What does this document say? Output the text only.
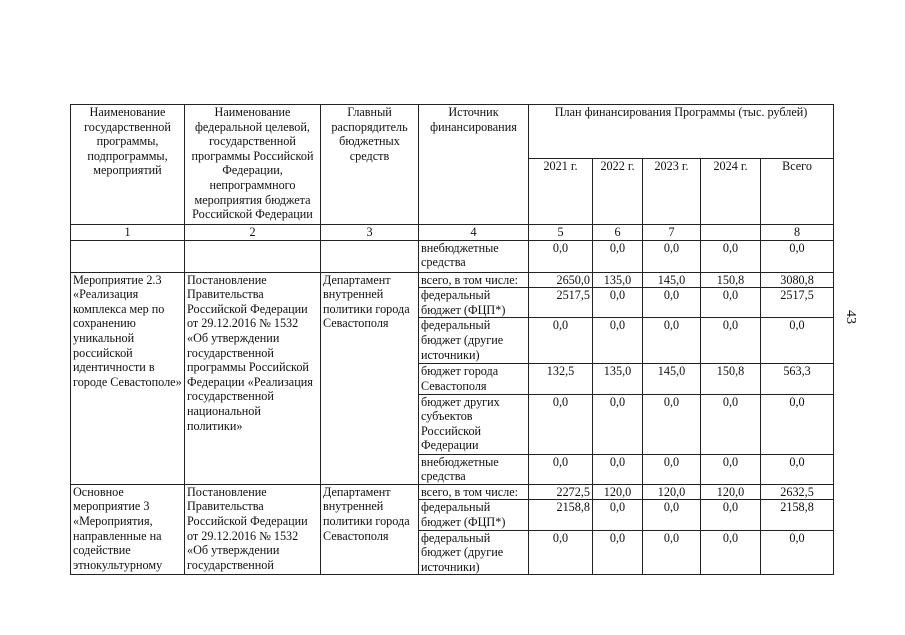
Наименование государственной программы, подпрограммы, мероприятий	Наименование федеральной целевой, государственной программы Российской Федерации, непрограммного мероприятия бюджета Российской Федерации	Главный распорядитель бюджетных средств	Источник финансирования	План финансирования Программы (тыс. рублей)				
				2021 г.	2022 г.	2023 г.	2024 г.	Всего
1	2	3	4	5	6	7		8
			внебюджетные средства	0,0	0,0	0,0	0,0	0,0
Мероприятие 2.3 «Реализация комплекса мер по сохранению уникальной российской идентичности в городе Севастополе»	Постановление Правительства Российской Федерации от 29.12.2016 № 1532 «Об утверждении государственной программы Российской Федерации «Реализация государственной национальной политики»	Департамент внутренней политики города Севастополя	всего, в том числе:	2650,0	135,0	145,0	150,8	3080,8
			федеральный бюджет (ФЦП*)	2517,5	0,0	0,0	0,0	2517,5
			федеральный бюджет (другие источники)	0,0	0,0	0,0	0,0	0,0
			бюджет города Севастополя	132,5	135,0	145,0	150,8	563,3
			бюджет других субъектов Российской Федерации	0,0	0,0	0,0	0,0	0,0
			внебюджетные средства	0,0	0,0	0,0	0,0	0,0
Основное мероприятие 3 «Мероприятия, направленные на содействие этнокультурному	Постановление Правительства Российской Федерации от 29.12.2016 № 1532 «Об утверждении государственной	Департамент внутренней политики города Севастополя	всего, в том числе:	2272,5	120,0	120,0	120,0	2632,5
			федеральный бюджет (ФЦП*)	2158,8	0,0	0,0	0,0	2158,8
			федеральный бюджет (другие источники)	0,0	0,0	0,0	0,0	0,0
43
